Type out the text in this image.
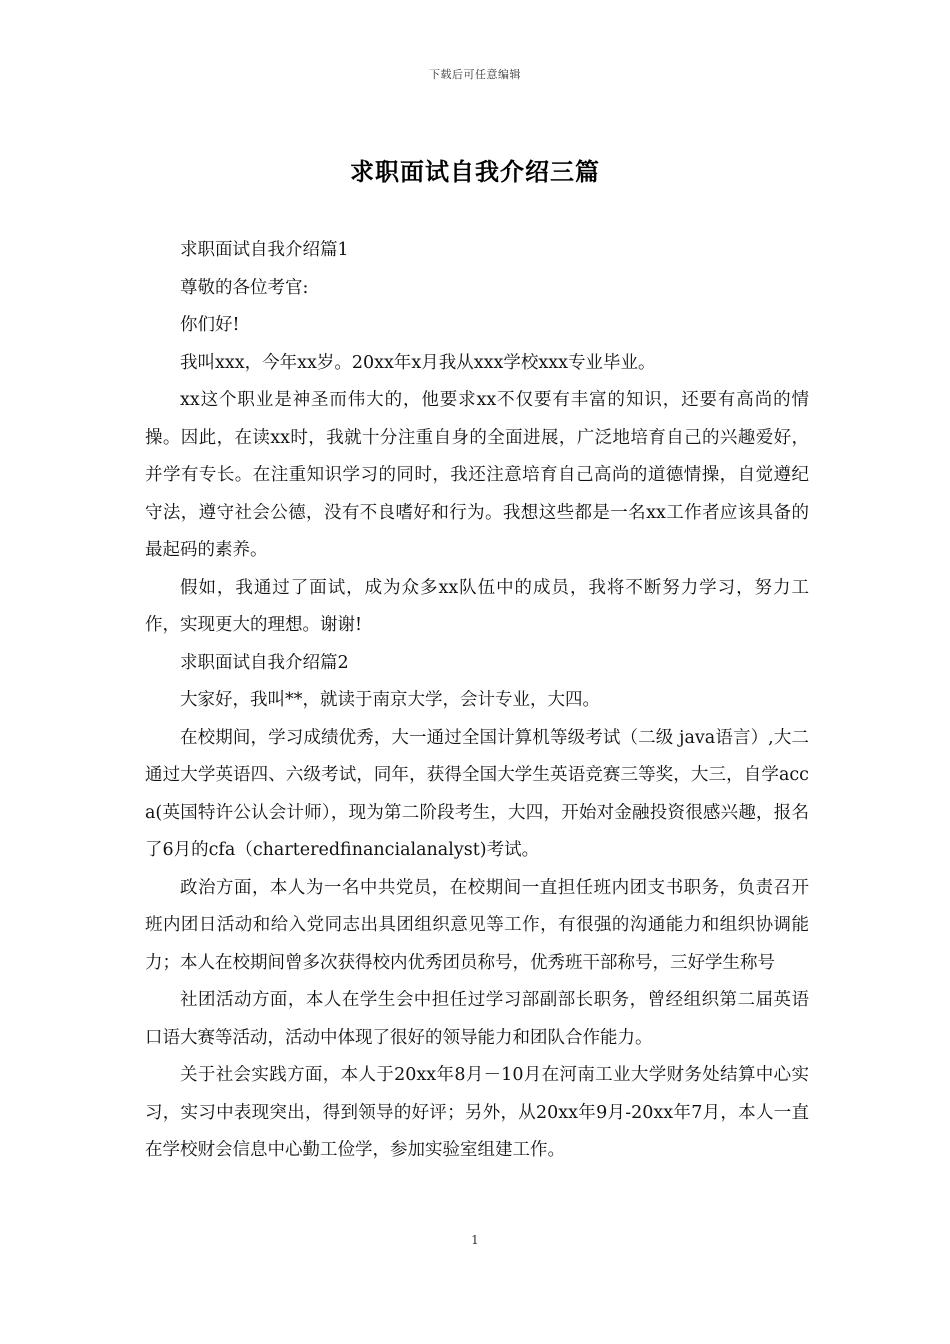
下载后可任意编辑
求职面试自我介绍三篇

求职面试自我介绍篇1

尊敬的各位考官:

你们好!

我叫xxx，今年xx岁。20xx年x月我从xxx学校xxx专业毕业。

xx这个职业是神圣而伟大的，他要求xx不仅要有丰富的知识，还要有高尚的情操。因此，在读xx时，我就十分注重自身的全面进展，广泛地培育自己的兴趣爱好，并学有专长。在注重知识学习的同时，我还注意培育自己高尚的道德情操，自觉遵纪守法，遵守社会公德，没有不良嗜好和行为。我想这些都是一名xx工作者应该具备的最起码的素养。

假如，我通过了面试，成为众多xx队伍中的成员，我将不断努力学习，努力工作，实现更大的理想。谢谢!

求职面试自我介绍篇2

大家好，我叫**，就读于南京大学，会计专业，大四。

在校期间，学习成绩优秀，大一通过全国计算机等级考试（二级 java语言）,大二通过大学英语四、六级考试，同年，获得全国大学生英语竞赛三等奖，大三，自学acca(英国特许公认会计师），现为第二阶段考生，大四，开始对金融投资很感兴趣，报名了6月的cfa（charteredfinancialanalyst)考试。

政治方面，本人为一名中共党员，在校期间一直担任班内团支书职务，负责召开班内团日活动和给入党同志出具团组织意见等工作，有很强的沟通能力和组织协调能力；本人在校期间曾多次获得校内优秀团员称号，优秀班干部称号，三好学生称号

社团活动方面，本人在学生会中担任过学习部副部长职务，曾经组织第二届英语口语大赛等活动，活动中体现了很好的领导能力和团队合作能力。

关于社会实践方面，本人于20xx年8月－10月在河南工业大学财务处结算中心实习，实习中表现突出，得到领导的好评；另外，从20xx年9月-20xx年7月，本人一直在学校财会信息中心勤工俭学，参加实验室组建工作。

1
